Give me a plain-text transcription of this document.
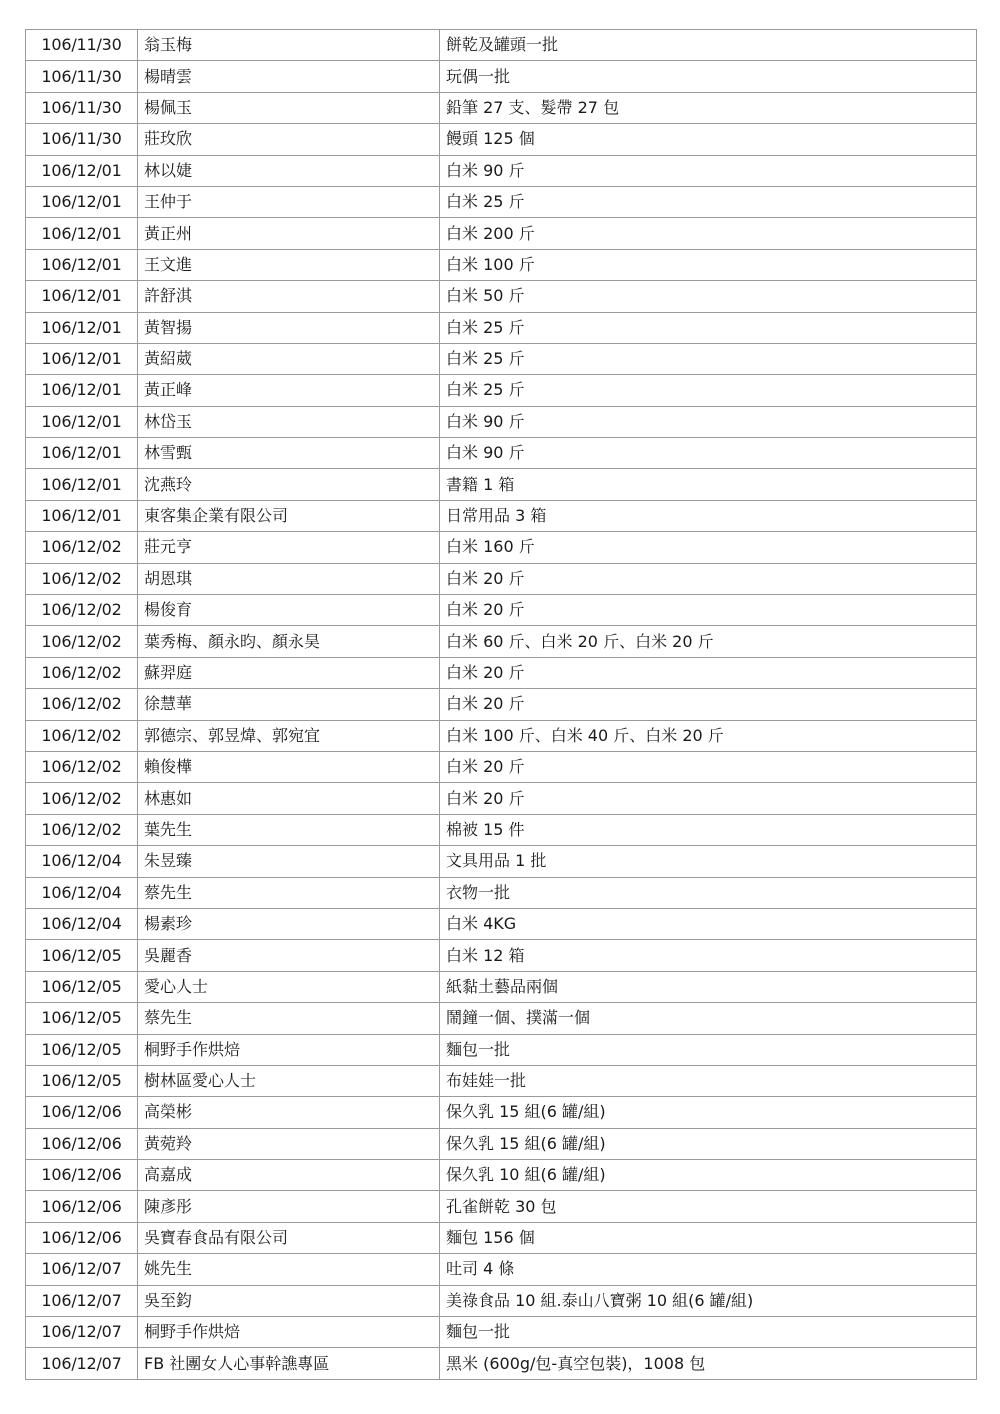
106/11/30	翁玉梅	餅乾及罐頭一批
106/11/30	楊晴雲	玩偶一批
106/11/30	楊佩玉	鉛筆 27 支、髮帶 27 包
106/11/30	莊玫欣	饅頭 125 個
106/12/01	林以婕	白米 90 斤
106/12/01	王仲于	白米 25 斤
106/12/01	黃正州	白米 200 斤
106/12/01	王文進	白米 100 斤
106/12/01	許舒淇	白米 50 斤
106/12/01	黃智揚	白米 25 斤
106/12/01	黃紹葳	白米 25 斤
106/12/01	黃正峰	白米 25 斤
106/12/01	林岱玉	白米 90 斤
106/12/01	林雪甄	白米 90 斤
106/12/01	沈燕玲	書籍 1 箱
106/12/01	東客集企業有限公司	日常用品 3 箱
106/12/02	莊元亨	白米 160 斤
106/12/02	胡恩琪	白米 20 斤
106/12/02	楊俊育	白米 20 斤
106/12/02	葉秀梅、顏永昀、顏永昊	白米 60 斤、白米 20 斤、白米 20 斤
106/12/02	蘇羿庭	白米 20 斤
106/12/02	徐慧華	白米 20 斤
106/12/02	郭德宗、郭昱煒、郭宛宜	白米 100 斤、白米 40 斤、白米 20 斤
106/12/02	賴俊樺	白米 20 斤
106/12/02	林惠如	白米 20 斤
106/12/02	葉先生	棉被 15 件
106/12/04	朱昱臻	文具用品 1 批
106/12/04	蔡先生	衣物一批
106/12/04	楊素珍	白米 4KG
106/12/05	吳麗香	白米 12 箱
106/12/05	愛心人士	紙黏土藝品兩個
106/12/05	蔡先生	鬧鐘一個、撲滿一個
106/12/05	桐野手作烘焙	麵包一批
106/12/05	樹林區愛心人士	布娃娃一批
106/12/06	高榮彬	保久乳 15 組(6 罐/組)
106/12/06	黃菀羚	保久乳 15 組(6 罐/組)
106/12/06	高嘉成	保久乳 10 組(6 罐/組)
106/12/06	陳彥彤	孔雀餅乾 30 包
106/12/06	吳寶春食品有限公司	麵包 156 個
106/12/07	姚先生	吐司 4 條
106/12/07	吳至鈞	美祿食品 10 組.泰山八寶粥 10 組(6 罐/組)
106/12/07	桐野手作烘焙	麵包一批
106/12/07	FB 社團女人心事幹譙專區	黑米 (600g/包-真空包裝)，1008 包
